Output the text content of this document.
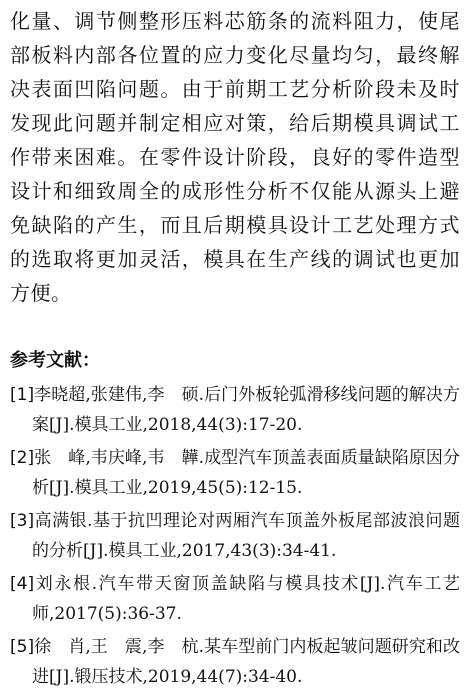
化量、调节侧整形压料芯筋条的流料阻力，使尾部板料内部各位置的应力变化尽量均匀，最终解决表面凹陷问题。由于前期工艺分析阶段未及时发现此问题并制定相应对策，给后期模具调试工作带来困难。在零件设计阶段，良好的零件造型设计和细致周全的成形性分析不仅能从源头上避免缺陷的产生，而且后期模具设计工艺处理方式的选取将更加灵活，模具在生产线的调试也更加方便。

参考文献：
[1]李晓超,张建伟,李　硕.后门外板轮弧滑移线问题的解决方案[J].模具工业,2018,44(3):17-20.
[2]张　峰,韦庆峰,韦　韡.成型汽车顶盖表面质量缺陷原因分析[J].模具工业,2019,45(5):12-15.
[3]高满银.基于抗凹理论对两厢汽车顶盖外板尾部波浪问题的分析[J].模具工业,2017,43(3):34-41.
[4]刘永根.汽车带天窗顶盖缺陷与模具技术[J].汽车工艺师,2017(5):36-37.
[5]徐　肖,王　震,李　杭.某车型前门内板起皱问题研究和改进[J].锻压技术,2019,44(7):34-40.
